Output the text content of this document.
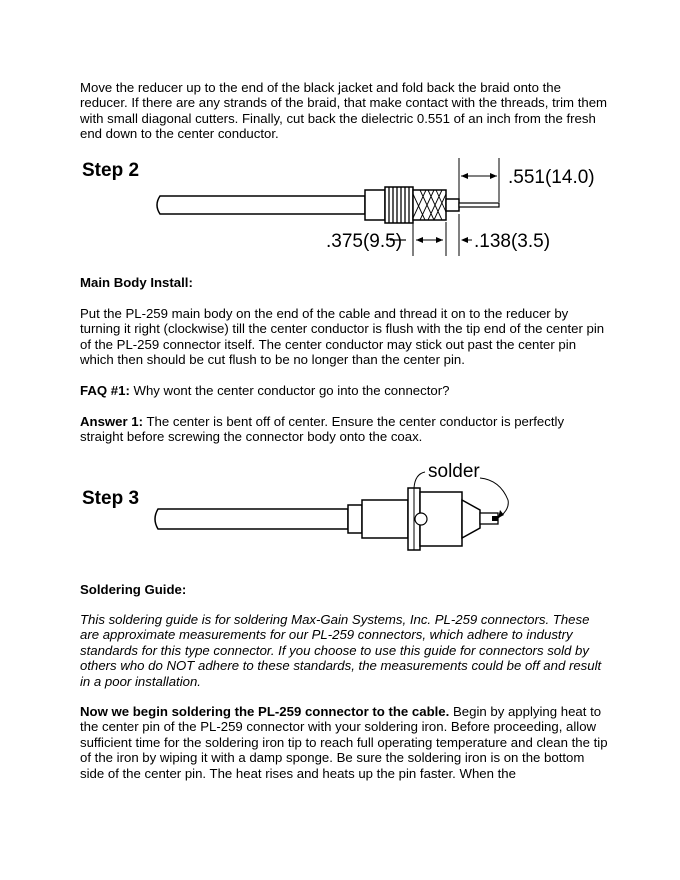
Move the reducer up to the end of the black jacket and fold back the braid onto the reducer. If there are any strands of the braid, that make contact with the threads, trim them with small diagonal cutters. Finally, cut back the dielectric 0.551 of an inch from the fresh end down to the center conductor.

Step 2	.551(14.0)
.375(9.5)	.138(3.5)

Main Body Install:

Put the PL-259 main body on the end of the cable and thread it on to the reducer by turning it right (clockwise) till the center conductor is flush with the tip end of the center pin of the PL-259 connector itself. The center conductor may stick out past the center pin which then should be cut flush to be no longer than the center pin.

FAQ #1: Why wont the center conductor go into the connector?

Answer 1: The center is bent off of center. Ensure the center conductor is perfectly straight before screwing the connector body onto the coax.

Step 3
solder

Soldering Guide:

This soldering guide is for soldering Max-Gain Systems, Inc. PL-259 connectors. These are approximate measurements for our PL-259 connectors, which adhere to industry standards for this type connector. If you choose to use this guide for connectors sold by others who do NOT adhere to these standards, the measurements could be off and result in a poor installation.

Now we begin soldering the PL-259 connector to the cable. Begin by applying heat to the center pin of the PL-259 connector with your soldering iron. Before proceeding, allow sufficient time for the soldering iron tip to reach full operating temperature and clean the tip of the iron by wiping it with a damp sponge. Be sure the soldering iron is on the bottom side of the center pin. The heat rises and heats up the pin faster. When the
